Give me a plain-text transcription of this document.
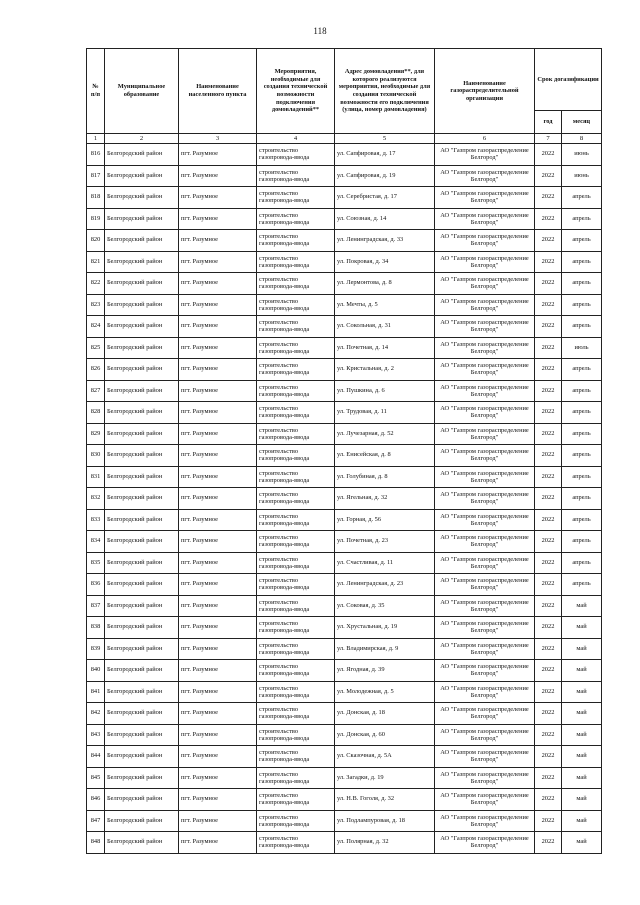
118
№ п/п	Муниципальное образование	Наименование населенного пункта	Мероприятия, необходимые для создания технической возможности подключения домовладений**	Адрес домовладения**, для которого реализуются мероприятия, необходимые для создания технической возможности его подключения (улица, номер домовладения)	Наименование газораспределительной организации	Срок догазификации	
						год	месяц
1	2	3	4	5	6	7	8
816	Белгородский район	пгт. Разумное	строительство газопровода-ввода	ул. Сапфировая, д. 17	АО "Газпром газораспределение Белгород"	2022	июнь
817	Белгородский район	пгт. Разумное	строительство газопровода-ввода	ул. Сапфировая, д. 19	АО "Газпром газораспределение Белгород"	2022	июнь
818	Белгородский район	пгт. Разумное	строительство газопровода-ввода	ул. Серебристая, д. 17	АО "Газпром газораспределение Белгород"	2022	апрель
819	Белгородский район	пгт. Разумное	строительство газопровода-ввода	ул. Союзная, д. 14	АО "Газпром газораспределение Белгород"	2022	апрель
820	Белгородский район	пгт. Разумное	строительство газопровода-ввода	ул. Ленинградская, д. 33	АО "Газпром газораспределение Белгород"	2022	апрель
821	Белгородский район	пгт. Разумное	строительство газопровода-ввода	ул. Покровая, д. 34	АО "Газпром газораспределение Белгород"	2022	апрель
822	Белгородский район	пгт. Разумное	строительство газопровода-ввода	ул. Лермонтова, д. 8	АО "Газпром газораспределение Белгород"	2022	апрель
823	Белгородский район	пгт. Разумное	строительство газопровода-ввода	ул. Мечты, д. 5	АО "Газпром газораспределение Белгород"	2022	апрель
824	Белгородский район	пгт. Разумное	строительство газопровода-ввода	ул. Сокольная, д. 31	АО "Газпром газораспределение Белгород"	2022	апрель
825	Белгородский район	пгт. Разумное	строительство газопровода-ввода	ул. Почетная, д. 14	АО "Газпром газораспределение Белгород"	2022	июль
826	Белгородский район	пгт. Разумное	строительство газопровода-ввода	ул. Кристальная, д. 2	АО "Газпром газораспределение Белгород"	2022	апрель
827	Белгородский район	пгт. Разумное	строительство газопровода-ввода	ул. Пушкина, д. 6	АО "Газпром газораспределение Белгород"	2022	апрель
828	Белгородский район	пгт. Разумное	строительство газопровода-ввода	ул. Трудовая, д. 11	АО "Газпром газораспределение Белгород"	2022	апрель
829	Белгородский район	пгт. Разумное	строительство газопровода-ввода	ул. Лучезарная, д. 52	АО "Газпром газораспределение Белгород"	2022	апрель
830	Белгородский район	пгт. Разумное	строительство газопровода-ввода	ул. Енисейская, д. 8	АО "Газпром газораспределение Белгород"	2022	апрель
831	Белгородский район	пгт. Разумное	строительство газопровода-ввода	ул. Голубиная, д. 8	АО "Газпром газораспределение Белгород"	2022	апрель
832	Белгородский район	пгт. Разумное	строительство газопровода-ввода	ул. Ягельная, д. 32	АО "Газпром газораспределение Белгород"	2022	апрель
833	Белгородский район	пгт. Разумное	строительство газопровода-ввода	ул. Горная, д. 56	АО "Газпром газораспределение Белгород"	2022	апрель
834	Белгородский район	пгт. Разумное	строительство газопровода-ввода	ул. Почетная, д. 23	АО "Газпром газораспределение Белгород"	2022	апрель
835	Белгородский район	пгт. Разумное	строительство газопровода-ввода	ул. Счастливая, д. 11	АО "Газпром газораспределение Белгород"	2022	апрель
836	Белгородский район	пгт. Разумное	строительство газопровода-ввода	ул. Ленинградская, д. 23	АО "Газпром газораспределение Белгород"	2022	апрель
837	Белгородский район	пгт. Разумное	строительство газопровода-ввода	ул. Соковая, д. 35	АО "Газпром газораспределение Белгород"	2022	май
838	Белгородский район	пгт. Разумное	строительство газопровода-ввода	ул. Хрустальная, д. 19	АО "Газпром газораспределение Белгород"	2022	май
839	Белгородский район	пгт. Разумное	строительство газопровода-ввода	ул. Владимирская, д. 9	АО "Газпром газораспределение Белгород"	2022	май
840	Белгородский район	пгт. Разумное	строительство газопровода-ввода	ул. Ягодная, д. 39	АО "Газпром газораспределение Белгород"	2022	май
841	Белгородский район	пгт. Разумное	строительство газопровода-ввода	ул. Молодежная, д. 5	АО "Газпром газораспределение Белгород"	2022	май
842	Белгородский район	пгт. Разумное	строительство газопровода-ввода	ул. Донская, д. 18	АО "Газпром газораспределение Белгород"	2022	май
843	Белгородский район	пгт. Разумное	строительство газопровода-ввода	ул. Донская, д. 60	АО "Газпром газораспределение Белгород"	2022	май
844	Белгородский район	пгт. Разумное	строительство газопровода-ввода	ул. Сказочная, д. 5А	АО "Газпром газораспределение Белгород"	2022	май
845	Белгородский район	пгт. Разумное	строительство газопровода-ввода	ул. Загадки, д. 19	АО "Газпром газораспределение Белгород"	2022	май
846	Белгородский район	пгт. Разумное	строительство газопровода-ввода	ул. Н.В. Гоголя, д. 32	АО "Газпром газораспределение Белгород"	2022	май
847	Белгородский район	пгт. Разумное	строительство газопровода-ввода	ул. Подлампуровая, д. 18	АО "Газпром газораспределение Белгород"	2022	май
848	Белгородский район	пгт. Разумное	строительство газопровода-ввода	ул. Полярная, д. 32	АО "Газпром газораспределение Белгород"	2022	май
